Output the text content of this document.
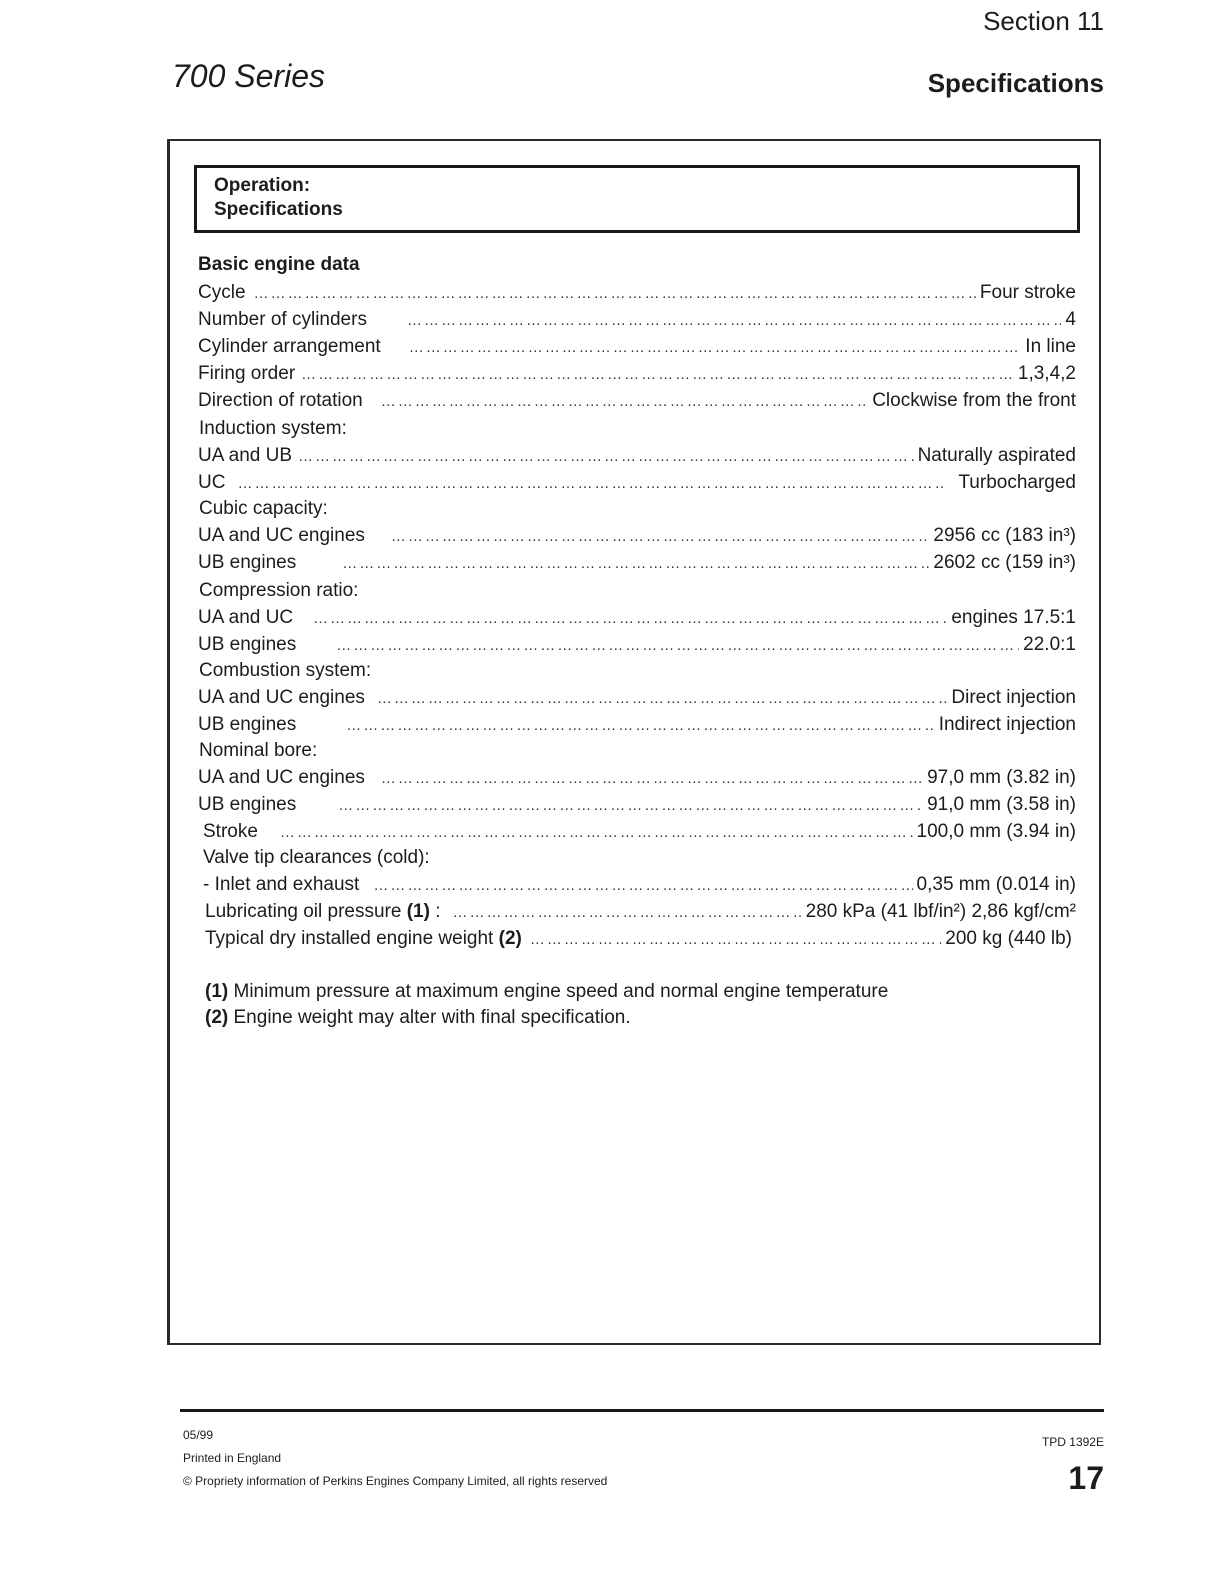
Section 11
700 Series	Specifications
Operation:
Specifications
Basic engine data
Cycle ……………………………………………………………………………………………………………………………………………………………	Four stroke
Number of cylinders ……………………………………………………………………………………………………………………………………………………………	4
Cylinder arrangement ……………………………………………………………………………………………………………………………………………………………	In line
Firing order ……………………………………………………………………………………………………………………………………………………………	1,3,4,2
Direction of rotation ……………………………………………………………………………………………………………………………………………………………	Clockwise from the front
Induction system:
UA and UB ……………………………………………………………………………………………………………………………………………………………	Naturally aspirated
UC ……………………………………………………………………………………………………………………………………………………………	Turbocharged
Cubic capacity:
UA and UC engines ……………………………………………………………………………………………………………………………………………………………	2956 cc (183 in³)
UB engines ……………………………………………………………………………………………………………………………………………………………	2602 cc (159 in³)
Compression ratio:
UA and UC ……………………………………………………………………………………………………………………………………………………………	engines 17.5:1
UB engines ……………………………………………………………………………………………………………………………………………………………	22.0:1
Combustion system:
UA and UC engines ……………………………………………………………………………………………………………………………………………………………	Direct injection
UB engines ……………………………………………………………………………………………………………………………………………………………	Indirect injection
Nominal bore:
UA and UC engines ……………………………………………………………………………………………………………………………………………………………	97,0 mm (3.82 in)
UB engines ……………………………………………………………………………………………………………………………………………………………	91,0 mm (3.58 in)
Stroke ……………………………………………………………………………………………………………………………………………………………	100,0 mm (3.94 in)
Valve tip clearances (cold):
- Inlet and exhaust ……………………………………………………………………………………………………………………………………………………………	0,35 mm (0.014 in)
Lubricating oil pressure (1) : ……………………………………………………………………………………………………………………………………………………………	280 kPa (41 lbf/in²) 2,86 kgf/cm²
Typical dry installed engine weight (2) ……………………………………………………………………………………………………………………………………………………………	200 kg (440 lb)
(1) Minimum pressure at maximum engine speed and normal engine temperature
(2) Engine weight may alter with final specification.
05/99
Printed in England
© Propriety information of Perkins Engines Company Limited, all rights reserved
TPD 1392E
17
